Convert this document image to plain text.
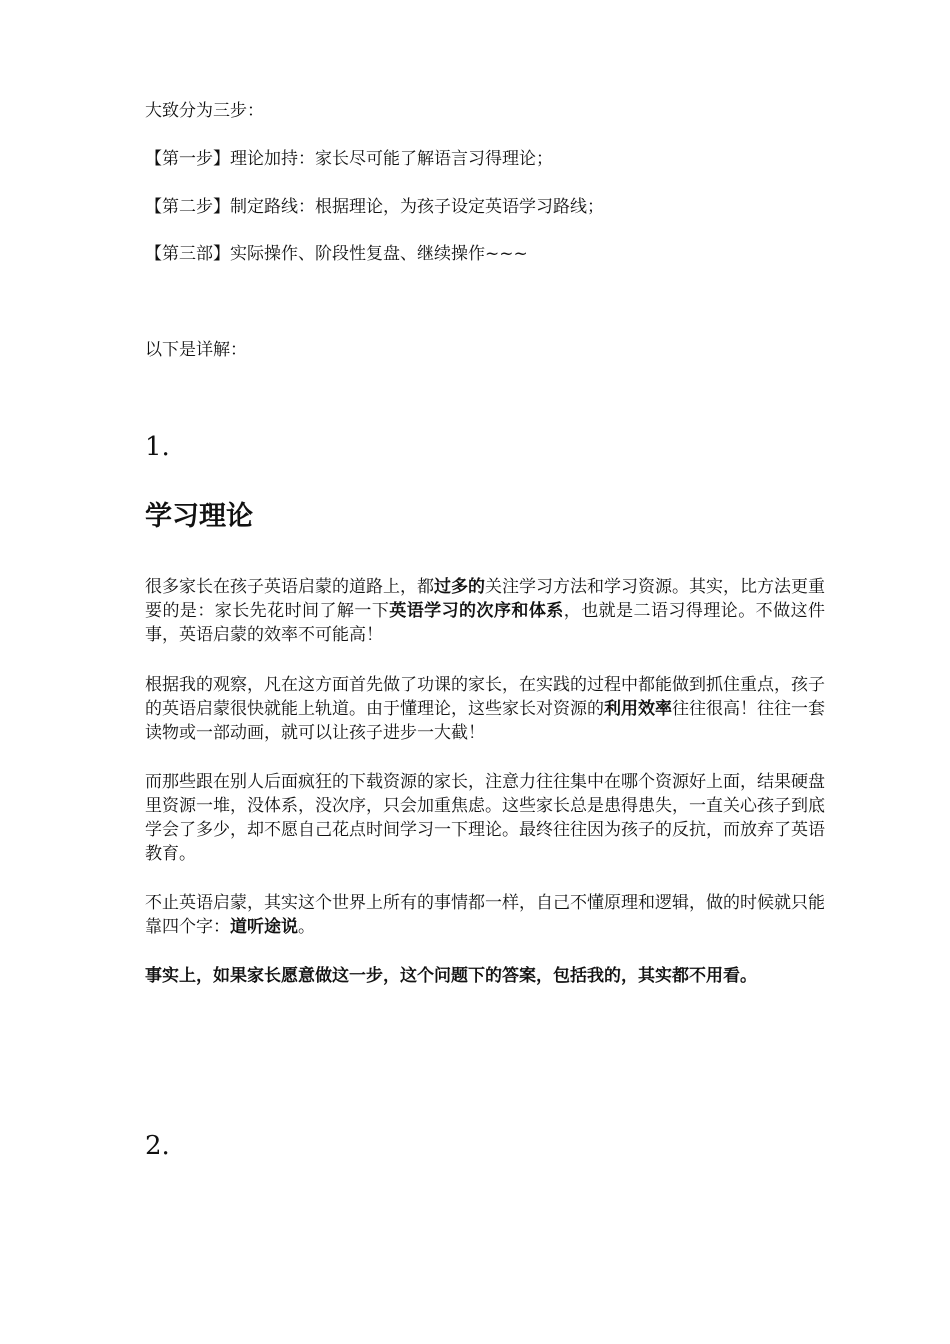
大致分为三步：

【第一步】理论加持：家长尽可能了解语言习得理论；

【第二步】制定路线：根据理论，为孩子设定英语学习路线；

【第三部】实际操作、阶段性复盘、继续操作~~~

以下是详解：

1.
学习理论

很多家长在孩子英语启蒙的道路上，都过多的关注学习方法和学习资源。其实，比方法更重要的是：家长先花时间了解一下英语学习的次序和体系，也就是二语习得理论。不做这件事，英语启蒙的效率不可能高！

根据我的观察，凡在这方面首先做了功课的家长，在实践的过程中都能做到抓住重点，孩子的英语启蒙很快就能上轨道。由于懂理论，这些家长对资源的利用效率往往很高！往往一套读物或一部动画，就可以让孩子进步一大截！

而那些跟在别人后面疯狂的下载资源的家长，注意力往往集中在哪个资源好上面，结果硬盘里资源一堆，没体系，没次序，只会加重焦虑。这些家长总是患得患失，一直关心孩子到底学会了多少，却不愿自己花点时间学习一下理论。最终往往因为孩子的反抗，而放弃了英语教育。

不止英语启蒙，其实这个世界上所有的事情都一样，自己不懂原理和逻辑，做的时候就只能靠四个字：道听途说。

事实上，如果家长愿意做这一步，这个问题下的答案，包括我的，其实都不用看。

2.
